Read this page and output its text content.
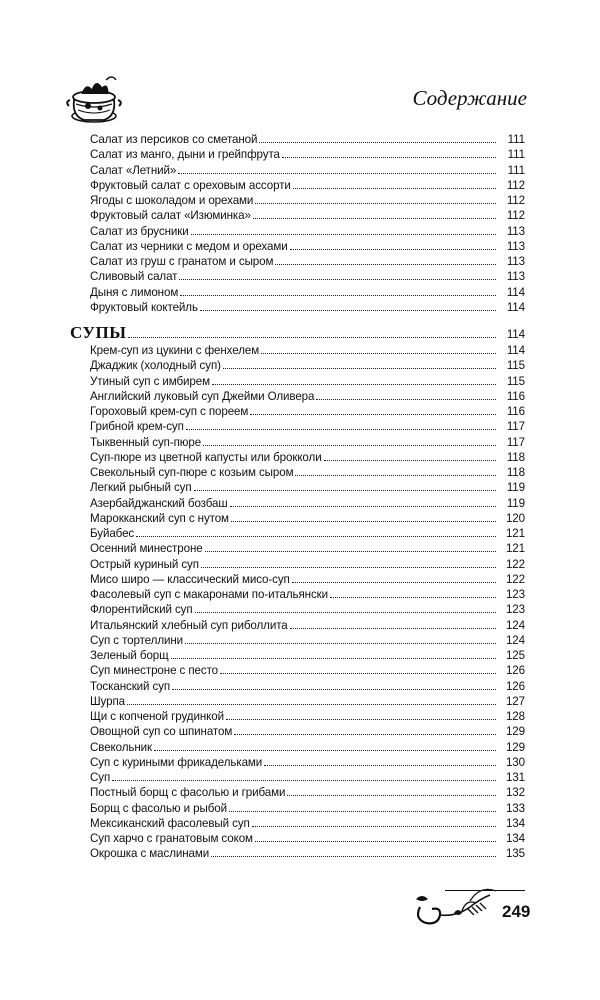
Содержание
Салат из персиков со сметаной	111
Салат из манго, дыни и грейпфрута	111
Салат «Летний»	111
Фруктовый салат с ореховым ассорти	112
Ягоды с шоколадом и орехами	112
Фруктовый салат «Изюминка»	112
Салат из брусники	113
Салат из черники с медом и орехами	113
Салат из груш с гранатом и сыром	113
Сливовый салат	113
Дыня с лимоном	114
Фруктовый коктейль	114
СУПЫ	114
Крем-суп из цукини с фенхелем	114
Джаджик (холодный суп)	115
Утиный суп с имбирем	115
Английский луковый суп Джейми Оливера	116
Гороховый крем-суп с пореем	116
Грибной крем-суп	117
Тыквенный суп-пюре	117
Суп-пюре из цветной капусты или брокколи	118
Свекольный суп-пюре с козьим сыром	118
Легкий рыбный суп	119
Азербайджанский бозбаш	119
Марокканский суп с нутом	120
Буйабес	121
Осенний минестроне	121
Острый куриный суп	122
Мисо широ — классический мисо-суп	122
Фасолевый суп с макаронами по-итальянски	123
Флорентийский суп	123
Итальянский хлебный суп риболлита	124
Суп с тортеллини	124
Зеленый борщ	125
Суп минестроне с песто	126
Тосканский суп	126
Шурпа	127
Щи с копченой грудинкой	128
Овощной суп со шпинатом	129
Свекольник	129
Суп с куриными фрикадельками	130
Суп	131
Постный борщ с фасолью и грибами	132
Борщ с фасолью и рыбой	133
Мексиканский фасолевый суп	134
Суп харчо с гранатовым соком	134
Окрошка с маслинами	135
249
